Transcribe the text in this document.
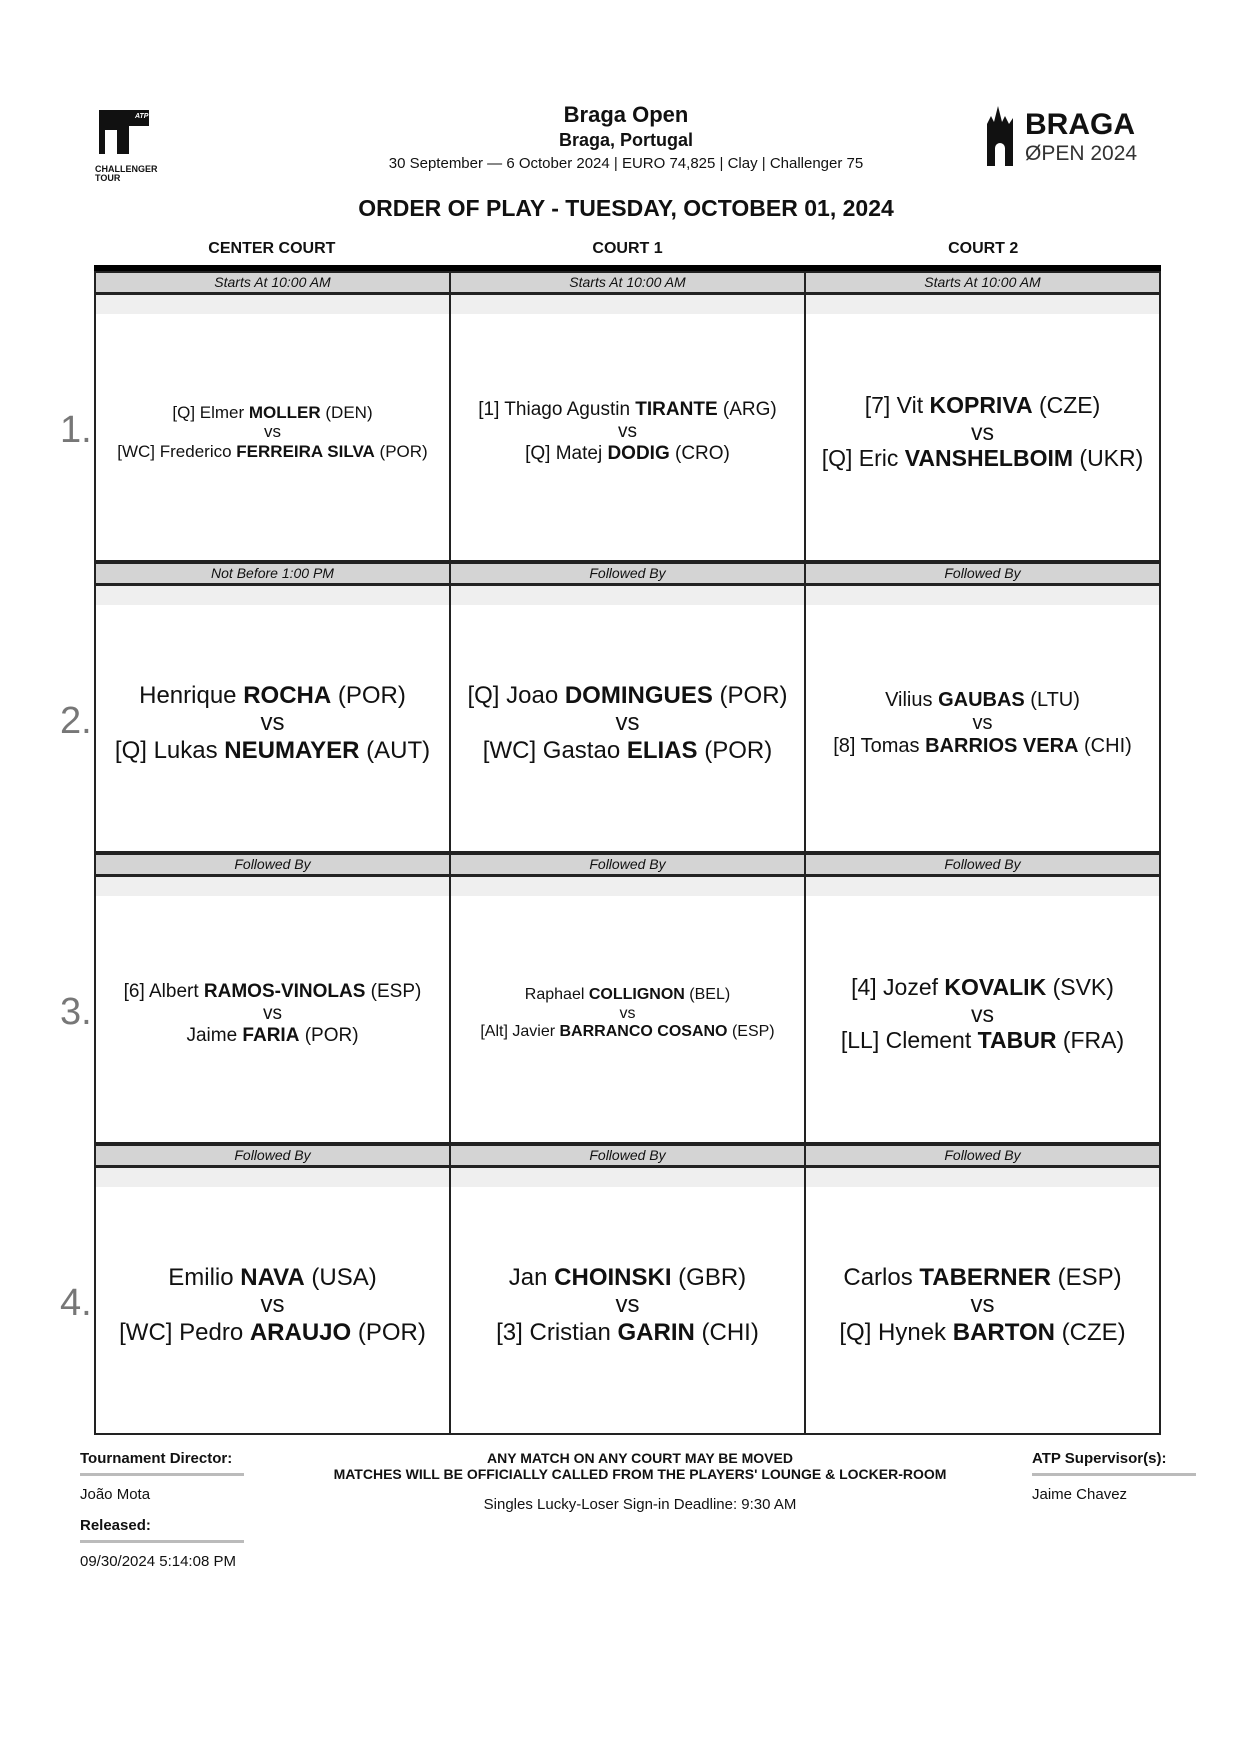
ATP
CHALLENGER
TOUR
BRAGA
ØPEN 2024
Braga Open
Braga, Portugal
30 September — 6 October 2024 | EURO 74,825 | Clay | Challenger 75
ORDER OF PLAY - TUESDAY, OCTOBER 01, 2024
CENTER COURT	COURT 1	COURT 2
Starts At 10:00 AM
[Q] Elmer MOLLER (DEN)
vs
[WC] Frederico FERREIRA SILVA (POR)
Starts At 10:00 AM
[1] Thiago Agustin TIRANTE (ARG)
vs
[Q] Matej DODIG (CRO)
Starts At 10:00 AM
[7] Vit KOPRIVA (CZE)
vs
[Q] Eric VANSHELBOIM (UKR)
Not Before 1:00 PM
Henrique ROCHA (POR)
vs
[Q] Lukas NEUMAYER (AUT)
Followed By
[Q] Joao DOMINGUES (POR)
vs
[WC] Gastao ELIAS (POR)
Followed By
Vilius GAUBAS (LTU)
vs
[8] Tomas BARRIOS VERA (CHI)
Followed By
[6] Albert RAMOS-VINOLAS (ESP)
vs
Jaime FARIA (POR)
Followed By
Raphael COLLIGNON (BEL)
vs
[Alt] Javier BARRANCO COSANO (ESP)
Followed By
[4] Jozef KOVALIK (SVK)
vs
[LL] Clement TABUR (FRA)
Followed By
Emilio NAVA (USA)
vs
[WC] Pedro ARAUJO (POR)
Followed By
Jan CHOINSKI (GBR)
vs
[3] Cristian GARIN (CHI)
Followed By
Carlos TABERNER (ESP)
vs
[Q] Hynek BARTON (CZE)
1.
2.
3.
4.
Tournament Director:
João Mota
Released:
09/30/2024 5:14:08 PM
ANY MATCH ON ANY COURT MAY BE MOVED
MATCHES WILL BE OFFICIALLY CALLED FROM THE PLAYERS' LOUNGE & LOCKER-ROOM
Singles Lucky-Loser Sign-in Deadline: 9:30 AM
ATP Supervisor(s):
Jaime Chavez
